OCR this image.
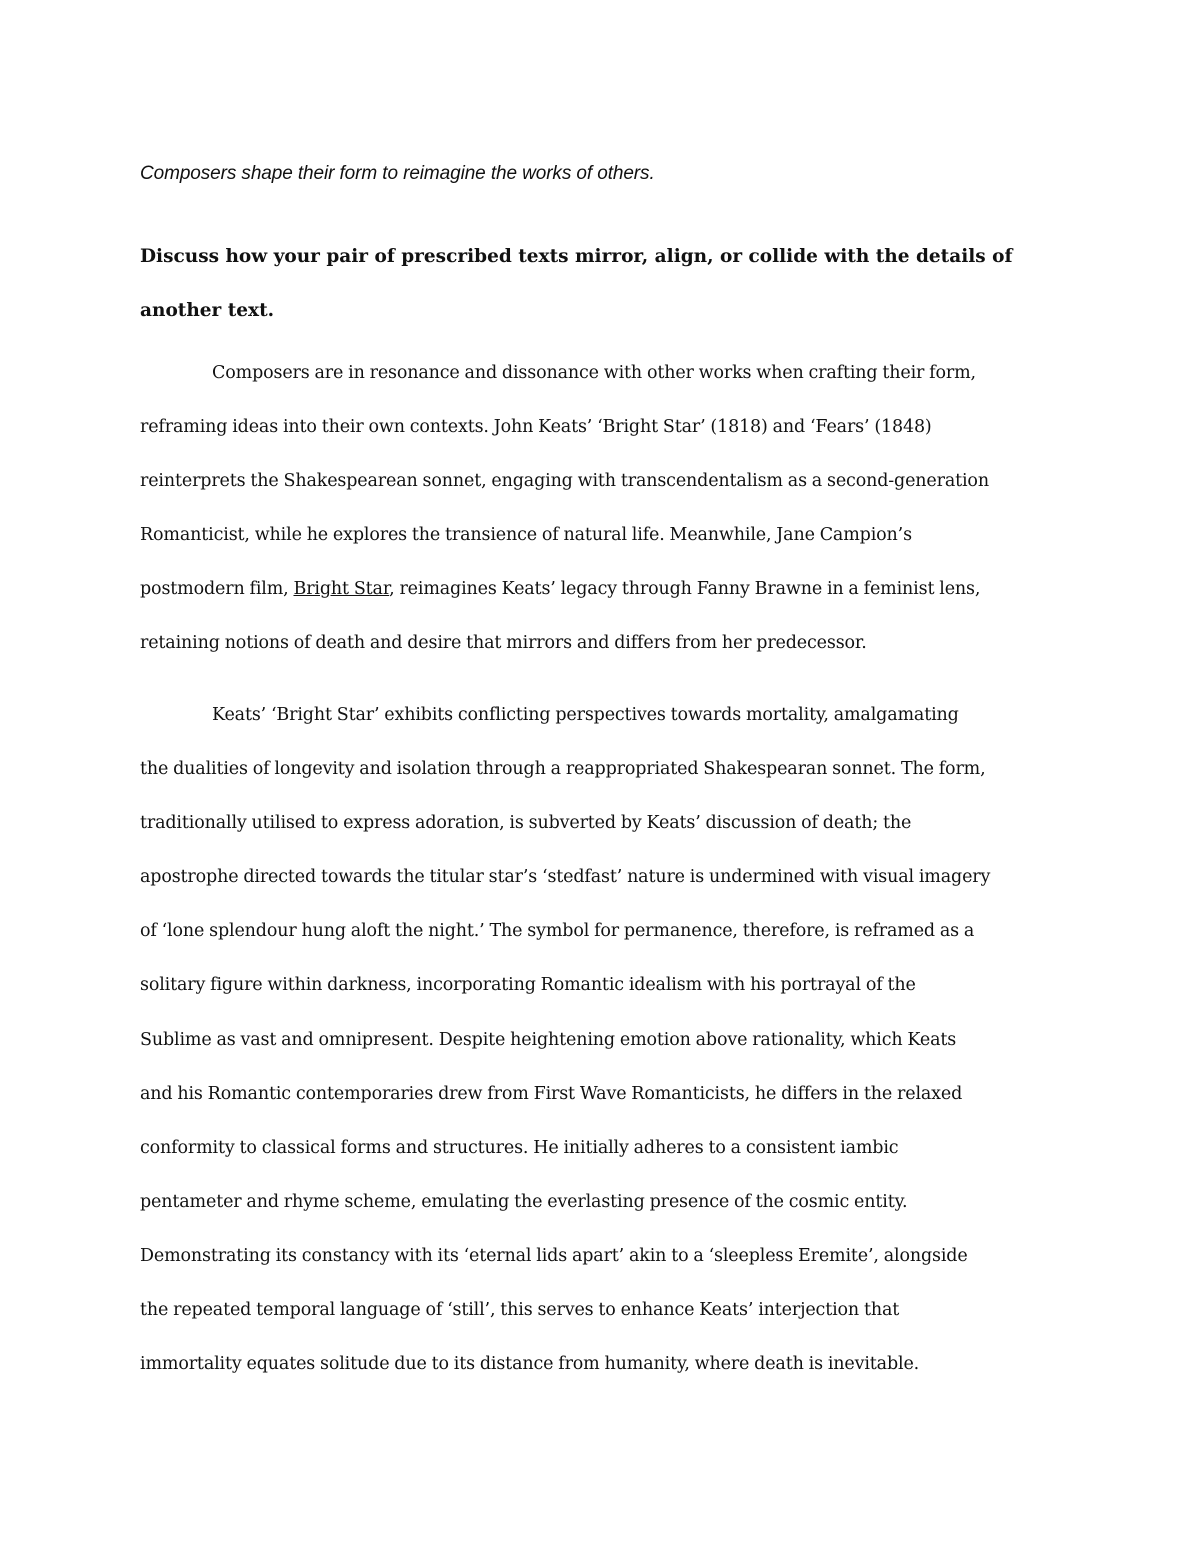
Composers shape their form to reimagine the works of others.

Discuss how your pair of prescribed texts mirror, align, or collide with the details of
another text.
Composers are in resonance and dissonance with other works when crafting their form,
reframing ideas into their own contexts. John Keats’ ‘Bright Star’ (1818) and ‘Fears’ (1848)
reinterprets the Shakespearean sonnet, engaging with transcendentalism as a second-generation
Romanticist, while he explores the transience of natural life. Meanwhile, Jane Campion’s
postmodern film, Bright Star, reimagines Keats’ legacy through Fanny Brawne in a feminist lens,
retaining notions of death and desire that mirrors and differs from her predecessor.
Keats’ ‘Bright Star’ exhibits conflicting perspectives towards mortality, amalgamating
the dualities of longevity and isolation through a reappropriated Shakespearan sonnet. The form,
traditionally utilised to express adoration, is subverted by Keats’ discussion of death; the
apostrophe directed towards the titular star’s ‘stedfast’ nature is undermined with visual imagery
of ‘lone splendour hung aloft the night.’ The symbol for permanence, therefore, is reframed as a
solitary figure within darkness, incorporating Romantic idealism with his portrayal of the
Sublime as vast and omnipresent. Despite heightening emotion above rationality, which Keats
and his Romantic contemporaries drew from First Wave Romanticists, he differs in the relaxed
conformity to classical forms and structures. He initially adheres to a consistent iambic
pentameter and rhyme scheme, emulating the everlasting presence of the cosmic entity.
Demonstrating its constancy with its ‘eternal lids apart’ akin to a ‘sleepless Eremite’, alongside
the repeated temporal language of ‘still’, this serves to enhance Keats’ interjection that
immortality equates solitude due to its distance from humanity, where death is inevitable.
